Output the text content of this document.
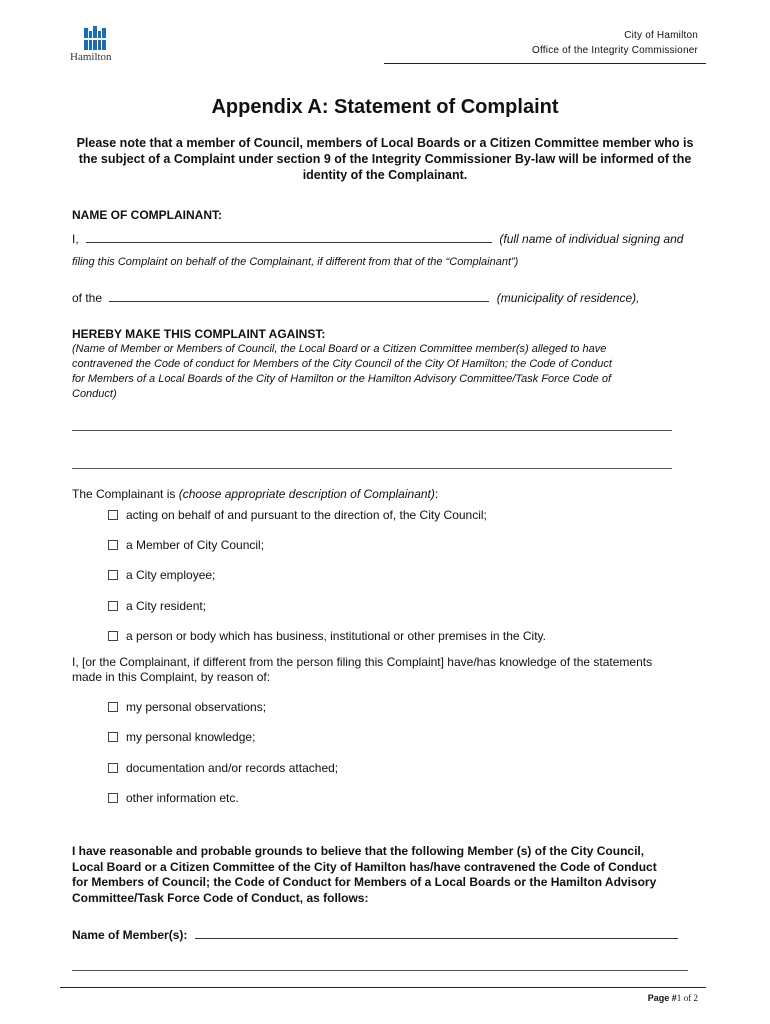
Hamilton
City of Hamilton
Office of the Integrity Commissioner
Appendix A: Statement of Complaint
Please note that a member of Council, members of Local Boards or a Citizen Committee member who is the subject of a Complaint under section 9 of the Integrity Commissioner By-law will be informed of the identity of the Complainant.
NAME OF COMPLAINANT:
I,	(full name of individual signing and
filing this Complaint on behalf of the Complainant, if different from that of the “Complainant”)
of the	(municipality of residence),
HEREBY MAKE THIS COMPLAINT AGAINST:
(Name of Member or Members of Council, the Local Board or a Citizen Committee member(s) alleged to have
contravened the Code of conduct for Members of the City Council of the City Of Hamilton; the Code of Conduct
for Members of a Local Boards of the City of Hamilton or the Hamilton Advisory Committee/Task Force Code of
Conduct)
The Complainant is (choose appropriate description of Complainant):
acting on behalf of and pursuant to the direction of, the City Council;
a Member of City Council;
a City employee;
a City resident;
a person or body which has business, institutional or other premises in the City.
I, [or the Complainant, if different from the person filing this Complaint] have/has knowledge of the statements
made in this Complaint, by reason of:
my personal observations;
my personal knowledge;
documentation and/or records attached;
other information etc.
I have reasonable and probable grounds to believe that the following Member (s) of the City Council,
Local Board or a Citizen Committee of the City of Hamilton has/have contravened the Code of Conduct
for Members of Council; the Code of Conduct for Members of a Local Boards or the Hamilton Advisory
Committee/Task Force Code of Conduct, as follows:
Name of Member(s):
Page #1 of 2
